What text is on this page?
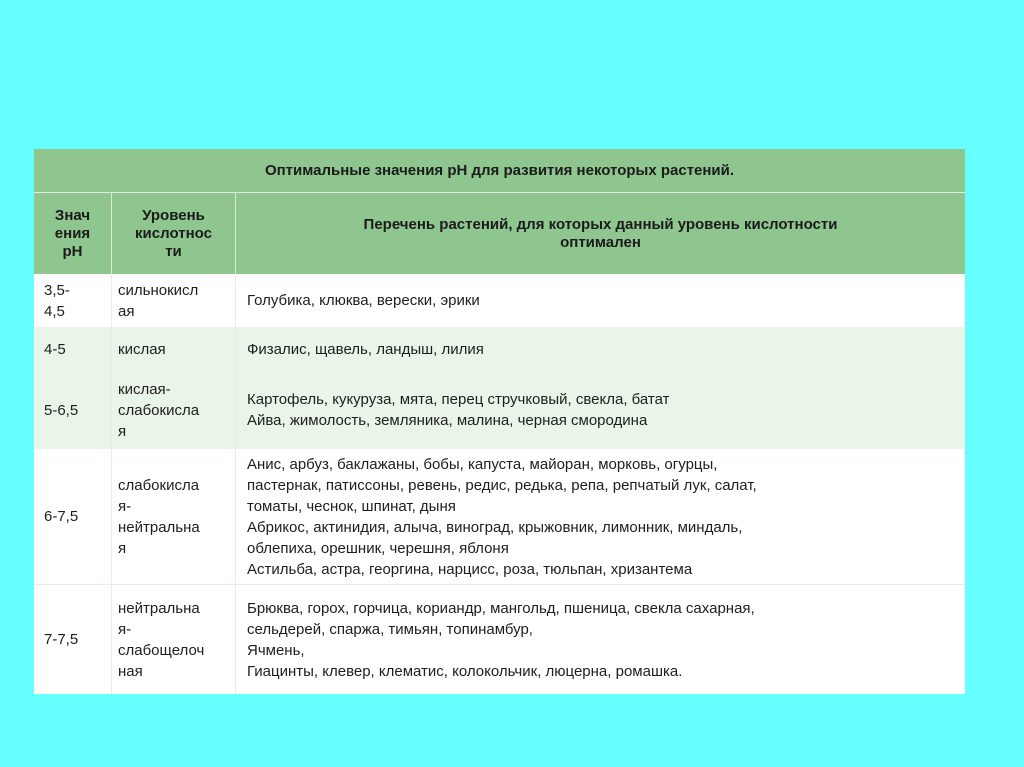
Оптимальные значения рН для развития некоторых растений.
Знач
ения
рН
Уровень
кислотнос
ти
Перечень растений, для которых данный уровень кислотности
оптимален
3,5-
4,5
сильнокисл
ая
Голубика, клюква, верески, эрики
4-5	кислая	Физалис, щавель, ландыш, лилия
5-6,5
кислая-
слабокисла
я
Картофель, кукуруза, мята, перец стручковый, свекла, батат
Айва, жимолость, земляника, малина, черная смородина
6-7,5
слабокисла
я-
нейтральна
я
Анис, арбуз, баклажаны, бобы, капуста, майоран, морковь, огурцы,
пастернак, патиссоны, ревень, редис, редька, репа, репчатый лук, салат,
томаты, чеснок, шпинат, дыня
Абрикос, актинидия, алыча, виноград, крыжовник, лимонник, миндаль,
облепиха, орешник, черешня, яблоня
Астильба, астра, георгина, нарцисс, роза, тюльпан, хризантема
7-7,5
нейтральна
я-
слабощелоч
ная
Брюква, горох, горчица, кориандр, мангольд, пшеница, свекла сахарная,
сельдерей, спаржа, тимьян, топинамбур,
Ячмень,
Гиацинты, клевер, клематис, колокольчик, люцерна, ромашка.
